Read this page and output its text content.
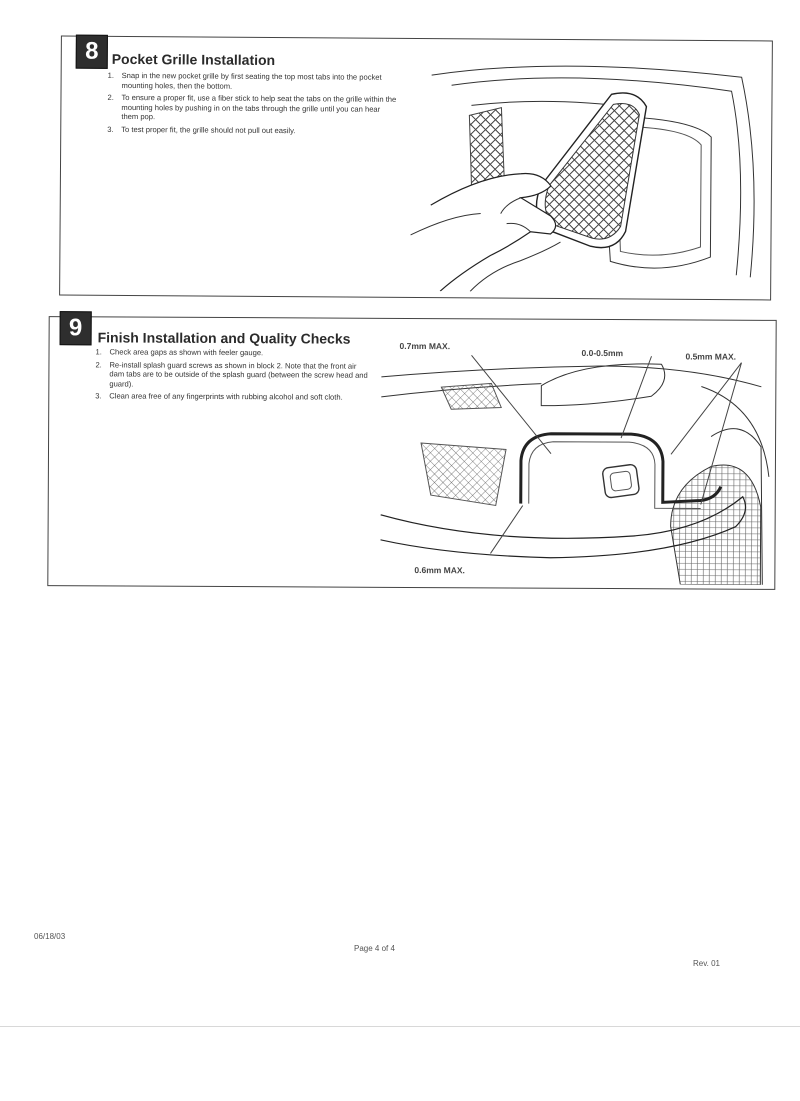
8 Pocket Grille Installation
1. Snap in the new pocket grille by first seating the top most tabs into the pocket mounting holes, then the bottom.
2. To ensure a proper fit, use a fiber stick to help seat the tabs on the grille within the mounting holes by pushing in on the tabs through the grille until you can hear them pop.
3. To test proper fit, the grille should not pull out easily.
9	Finish Installation and Quality Checks
1. Check area gaps as shown with feeler gauge.
2. Re-install splash guard screws as shown in block 2. Note that the front air dam tabs are to be outside of the splash guard (between the screw head and guard).
3. Clean area free of any fingerprints with rubbing alcohol and soft cloth.
0.7mm MAX.
0.0-0.5mm	0.5mm MAX.
0.6mm MAX.
06/18/03
Page 4 of 4
Rev. 01
